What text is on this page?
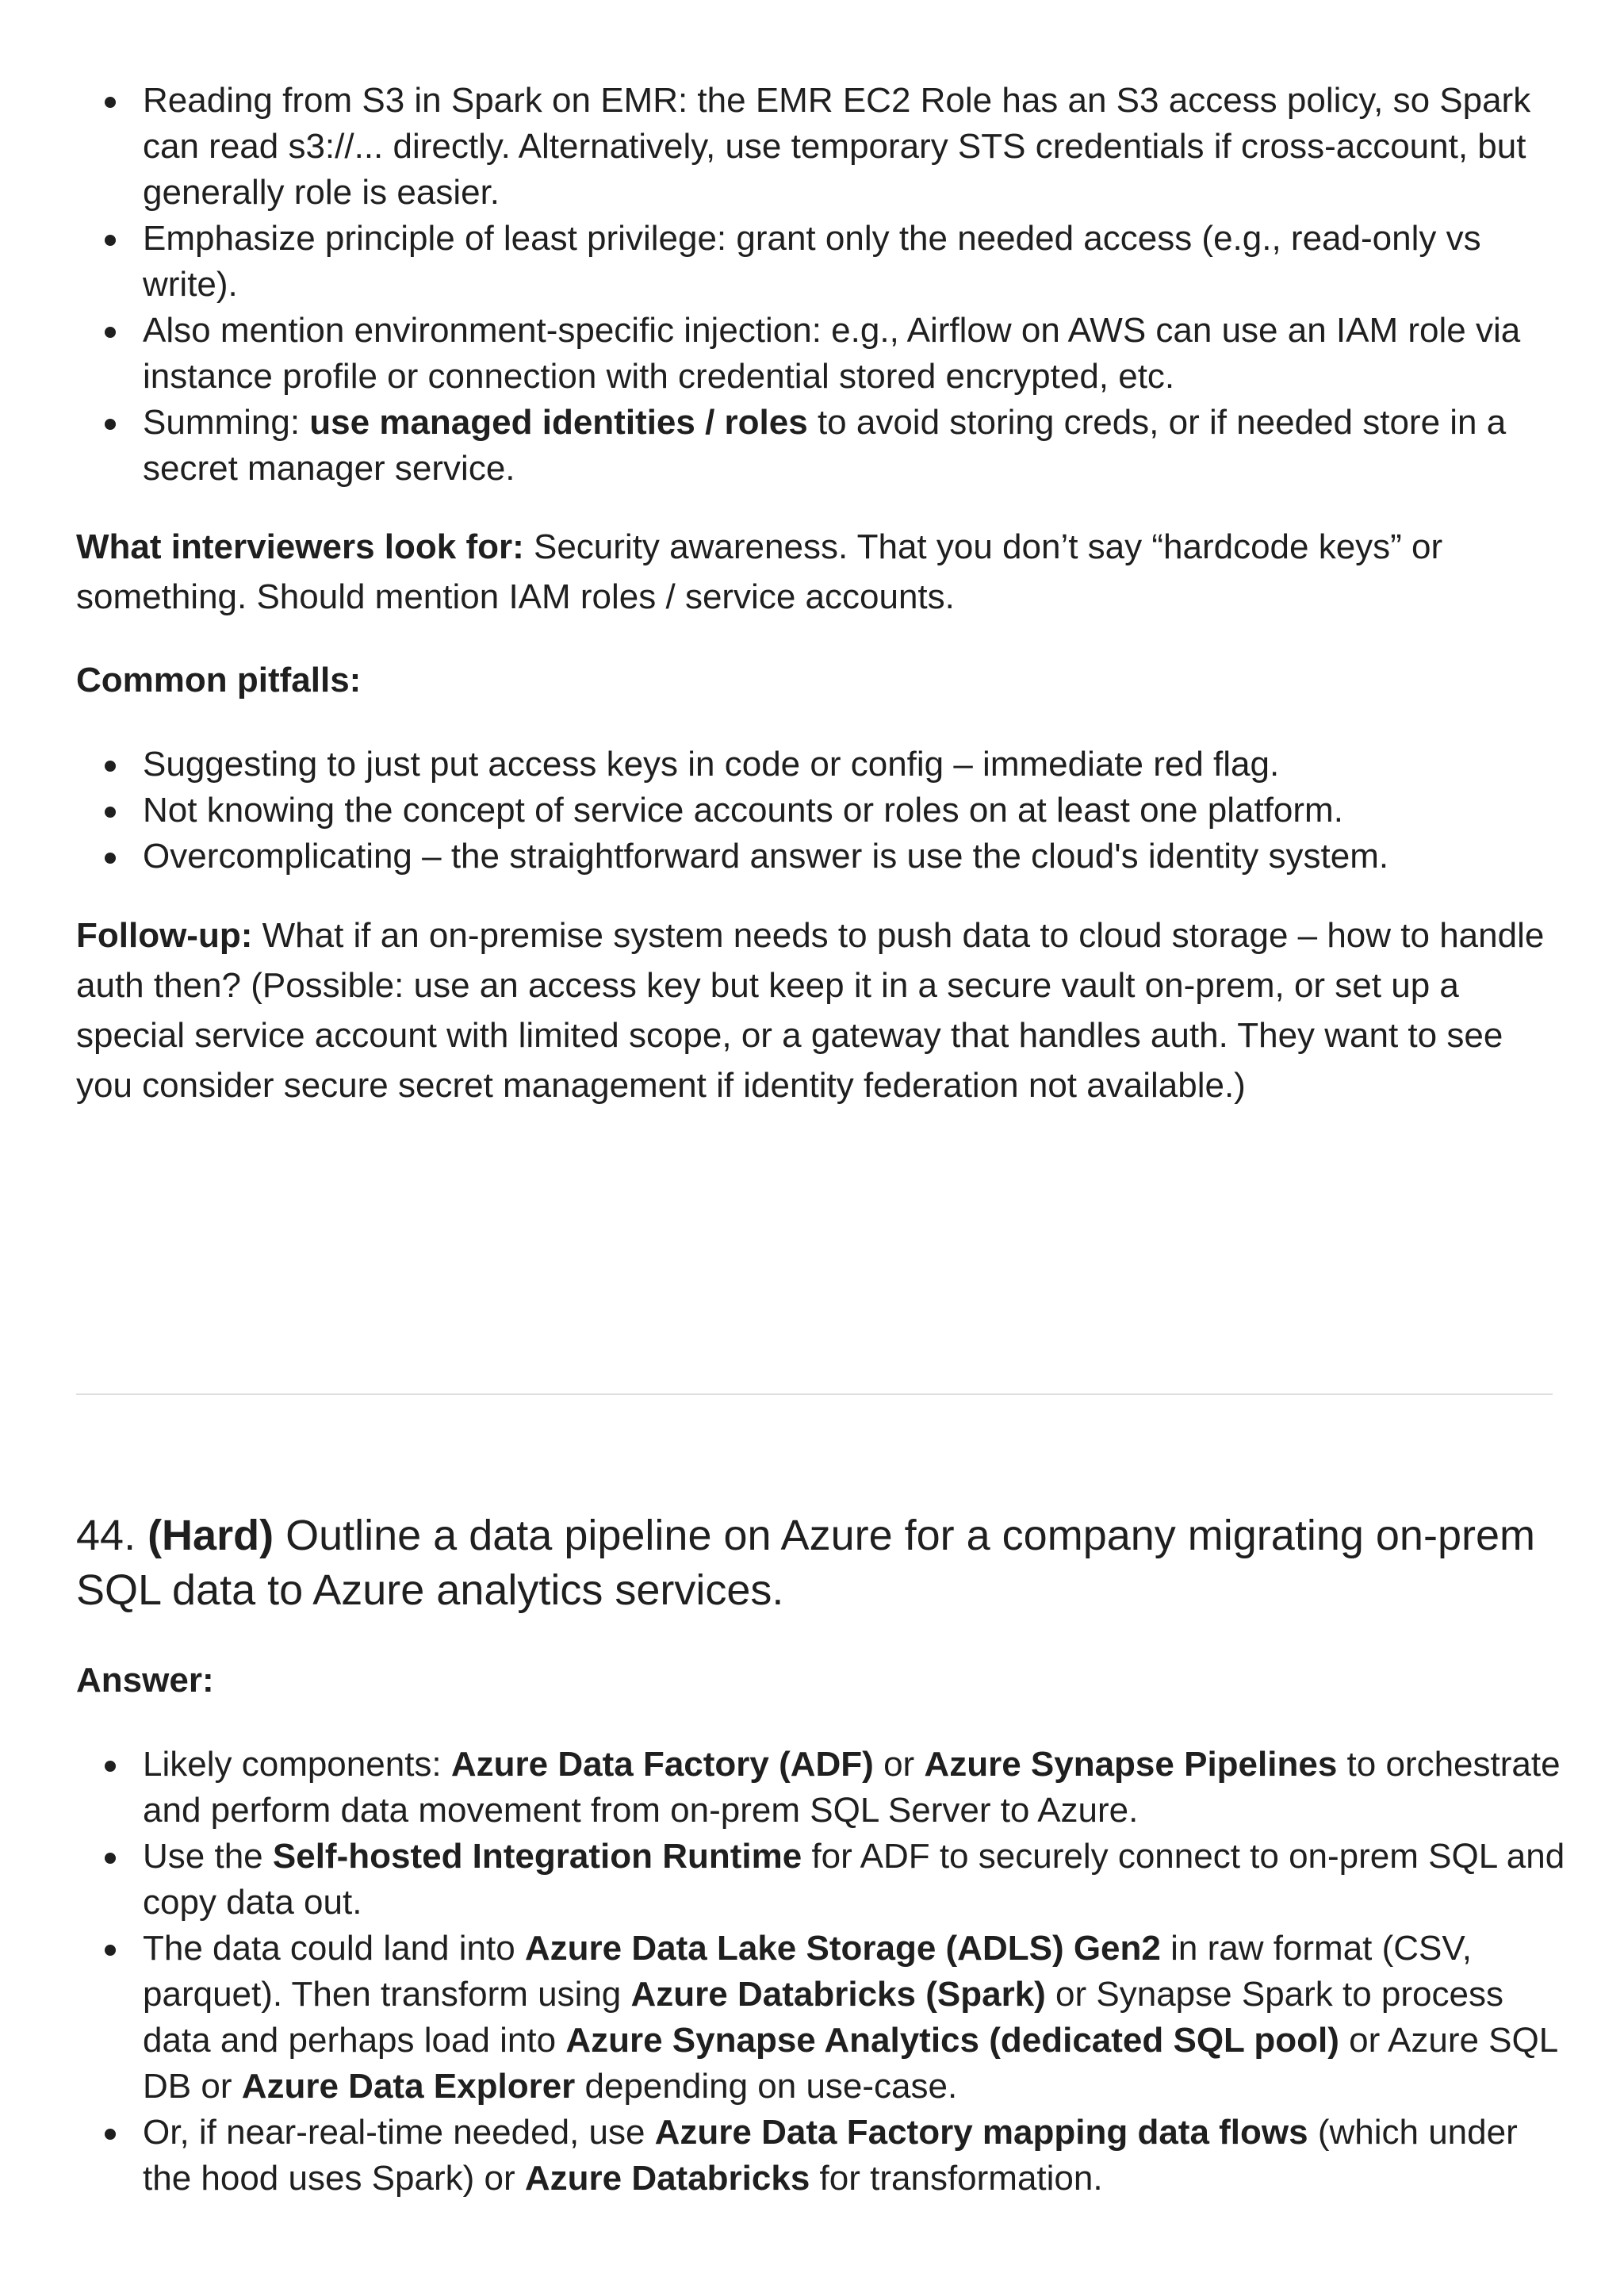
Reading from S3 in Spark on EMR: the EMR EC2 Role has an S3 access policy, so Spark can read s3://... directly. Alternatively, use temporary STS credentials if cross-account, but generally role is easier.
Emphasize principle of least privilege: grant only the needed access (e.g., read-only vs write).
Also mention environment-specific injection: e.g., Airflow on AWS can use an IAM role via instance profile or connection with credential stored encrypted, etc.
Summing: use managed identities / roles to avoid storing creds, or if needed store in a secret manager service.

What interviewers look for: Security awareness. That you don’t say “hardcode keys” or something. Should mention IAM roles / service accounts.

Common pitfalls:

Suggesting to just put access keys in code or config – immediate red flag.
Not knowing the concept of service accounts or roles on at least one platform.
Overcomplicating – the straightforward answer is use the cloud's identity system.

Follow-up: What if an on-premise system needs to push data to cloud storage – how to handle auth then? (Possible: use an access key but keep it in a secure vault on-prem, or set up a special service account with limited scope, or a gateway that handles auth. They want to see you consider secure secret management if identity federation not available.)

44. (Hard) Outline a data pipeline on Azure for a company migrating on-prem SQL data to Azure analytics services.

Answer:

Likely components: Azure Data Factory (ADF) or Azure Synapse Pipelines to orchestrate and perform data movement from on-prem SQL Server to Azure.
Use the Self-hosted Integration Runtime for ADF to securely connect to on-prem SQL and copy data out.
The data could land into Azure Data Lake Storage (ADLS) Gen2 in raw format (CSV, parquet). Then transform using Azure Databricks (Spark) or Synapse Spark to process data and perhaps load into Azure Synapse Analytics (dedicated SQL pool) or Azure SQL DB or Azure Data Explorer depending on use-case.
Or, if near-real-time needed, use Azure Data Factory mapping data flows (which under the hood uses Spark) or Azure Databricks for transformation.
